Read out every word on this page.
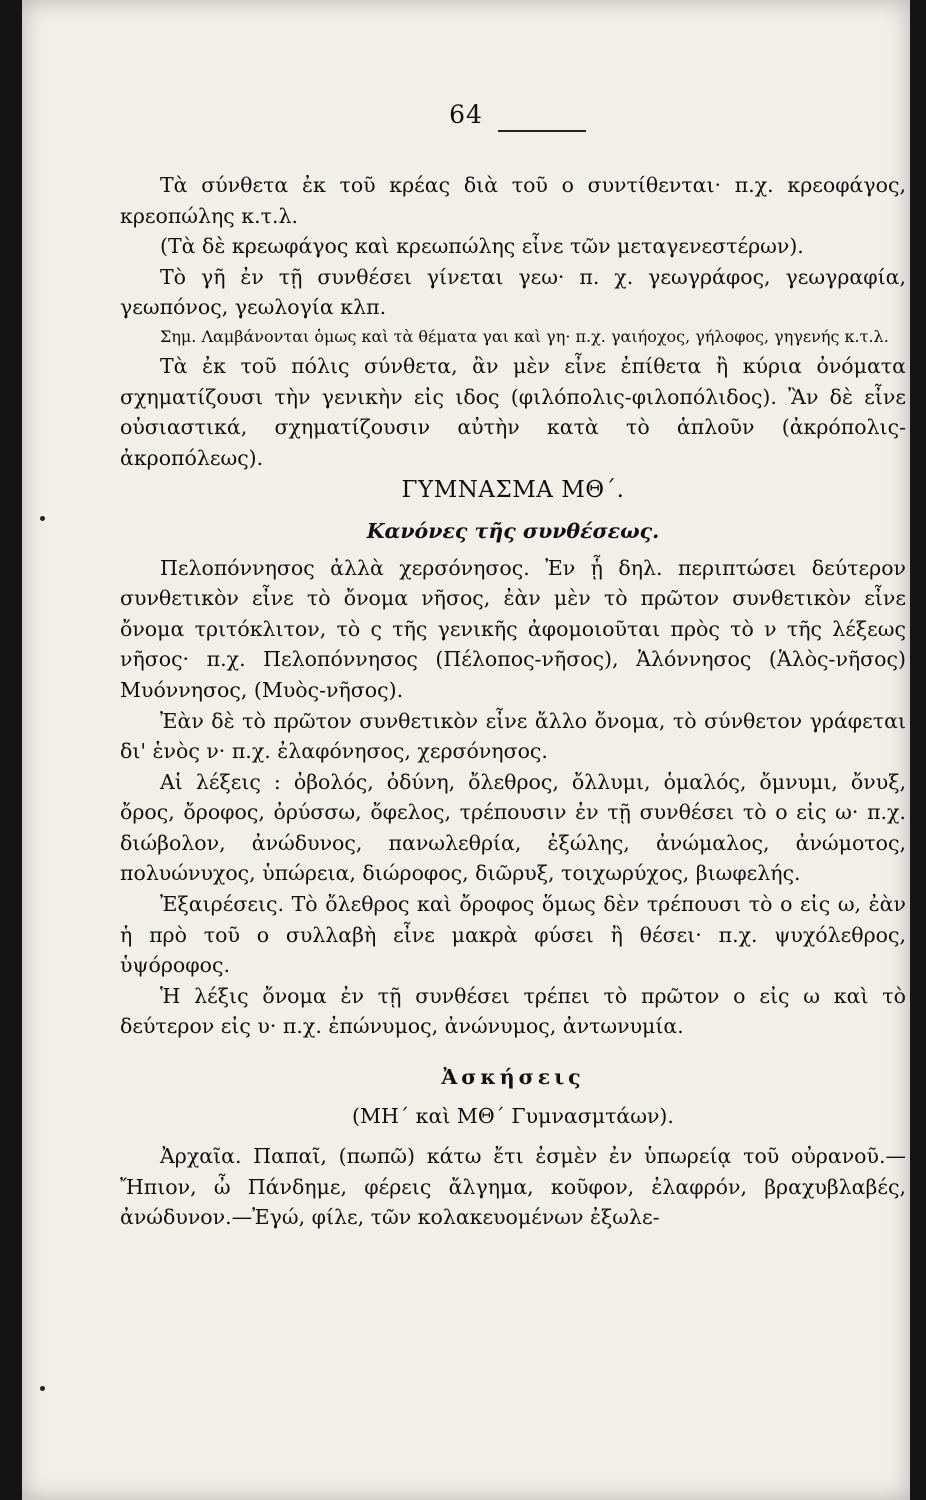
64

Τὰ σύνθετα ἐκ τοῦ κρέας διὰ τοῦ ο συντίθενται· π.χ. κρεοφάγος, κρεοπώλης κ.τ.λ.

(Τὰ δὲ κρεωφάγος καὶ κρεωπώλης εἶνε τῶν μεταγενεστέρων).

Τὸ γῆ ἐν τῇ συνθέσει γίνεται γεω· π. χ. γεωγράφος, γεωγραφία, γεωπόνος, γεωλογία κλπ.

Σημ. Λαμβάνονται ὁμως καὶ τὰ θέματα γαι καὶ γη· π.χ. γαιήοχος, γήλοφος, γηγενής κ.τ.λ.

Τὰ ἐκ τοῦ πόλις σύνθετα, ἂν μὲν εἶνε ἐπίθετα ἢ κύρια ὀνόματα σχηματίζουσι τὴν γενικὴν εἰς ιδος (φιλόπολις-φιλοπόλιδος). Ἂν δὲ εἶνε οὐσιαστικά, σχηματίζουσιν αὐτὴν κατὰ τὸ ἁπλοῦν (ἀκρόπολις-ἀκροπόλεως).

ΓΥΜΝΑΣΜΑ ΜΘ΄.

Κανόνες τῆς συνθέσεως.

Πελοπόννησος ἀλλὰ χερσόνησος. Ἐν ᾗ δηλ. περιπτώσει δεύτερον συνθετικὸν εἶνε τὸ ὄνομα νῆσος, ἐὰν μὲν τὸ πρῶτον συνθετικὸν εἶνε ὄνομα τριτόκλιτον, τὸ ς τῆς γενικῆς ἀφομοιοῦται πρὸς τὸ ν τῆς λέξεως νῆσος· π.χ. Πελοπόννησος (Πέλοπος-νῆσος), Ἁλόννησος (Ἁλὸς-νῆσος) Μυόννησος, (Μυὸς-νῆσος).

Ἐὰν δὲ τὸ πρῶτον συνθετικὸν εἶνε ἄλλο ὄνομα, τὸ σύνθετον γράφεται δι' ἑνὸς ν· π.χ. ἐλαφόνησος, χερσόνησος.

Αἱ λέξεις : ὀβολός, ὀδύνη, ὄλεθρος, ὄλλυμι, ὁμαλός, ὄμνυμι, ὄνυξ, ὄρος, ὄροφος, ὀρύσσω, ὄφελος, τρέπουσιν ἐν τῇ συνθέσει τὸ ο εἰς ω· π.χ. διώβολον, ἀνώδυνος, πανωλεθρία, ἐξώλης, ἀνώμαλος, ἀνώμοτος, πολυώνυχος, ὑπώρεια, διώροφος, διῶρυξ, τοιχωρύχος, βιωφελής.

Ἐξαιρέσεις. Τὸ ὄλεθρος καὶ ὄροφος ὅμως δὲν τρέπουσι τὸ ο εἰς ω, ἐὰν ἡ πρὸ τοῦ ο συλλαβὴ εἶνε μακρὰ φύσει ἢ θέσει· π.χ. ψυχόλεθρος, ὑψόροφος.

Ἡ λέξις ὄνομα ἐν τῇ συνθέσει τρέπει τὸ πρῶτον ο εἰς ω καὶ τὸ δεύτερον εἰς υ· π.χ. ἐπώνυμος, ἀνώνυμος, ἀντωνυμία.

Ἀσκήσεις

(ΜΗ΄ καὶ ΜΘ΄ Γυμνασμτάων).

Ἀρχαῖα. Παπαῖ, (πωπῶ) κάτω ἔτι ἐσμὲν ἐν ὑπωρείᾳ τοῦ οὐρανοῦ.—Ἤπιον, ὦ Πάνδημε, φέρεις ἄλγημα, κοῦφον, ἐλαφρόν, βραχυβλαβές, ἀνώδυνον.—Ἐγώ, φίλε, τῶν κολακευομένων ἐξωλε-
